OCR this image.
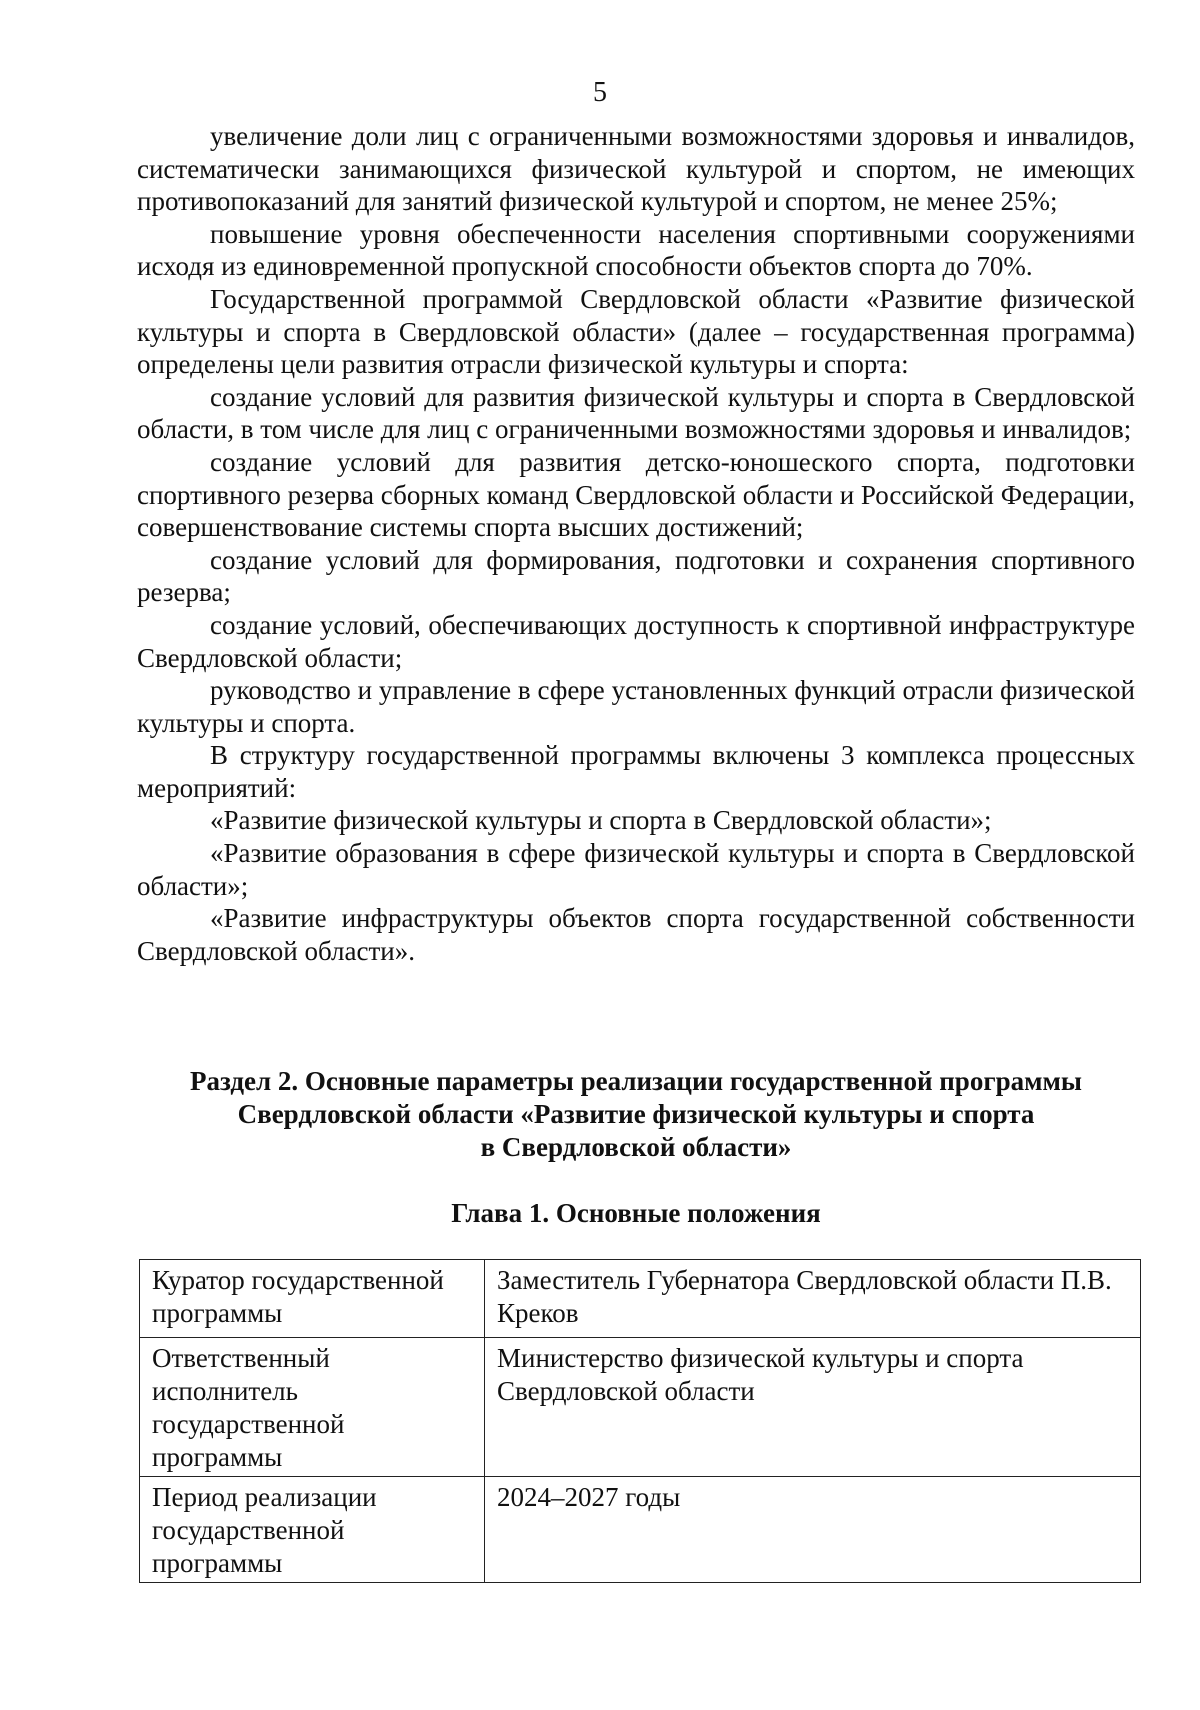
5

увеличение доли лиц с ограниченными возможностями здоровья и инвалидов, систематически занимающихся физической культурой и спортом, не имеющих противопоказаний для занятий физической культурой и спортом, не менее 25%;

повышение уровня обеспеченности населения спортивными сооружениями исходя из единовременной пропускной способности объектов спорта до 70%.

Государственной программой Свердловской области «Развитие физической культуры и спорта в Свердловской области» (далее – государственная программа) определены цели развития отрасли физической культуры и спорта:

создание условий для развития физической культуры и спорта в Свердловской области, в том числе для лиц с ограниченными возможностями здоровья и инвалидов;

создание условий для развития детско-юношеского спорта, подготовки спортивного резерва сборных команд Свердловской области и Российской Федерации, совершенствование системы спорта высших достижений;

создание условий для формирования, подготовки и сохранения спортивного резерва;

создание условий, обеспечивающих доступность к спортивной инфраструктуре Свердловской области;

руководство и управление в сфере установленных функций отрасли физической культуры и спорта.

В структуру государственной программы включены 3 комплекса процессных мероприятий:

«Развитие физической культуры и спорта в Свердловской области»;

«Развитие образования в сфере физической культуры и спорта в Свердловской области»;

«Развитие инфраструктуры объектов спорта государственной собственности Свердловской области».

Раздел 2. Основные параметры реализации государственной программы
Свердловской области «Развитие физической культуры и спорта
в Свердловской области»
Глава 1. Основные положения
Куратор государственной программы	Заместитель Губернатора Свердловской области П.В. Креков
Ответственный исполнитель государственной программы	Министерство физической культуры и спорта Свердловской области
Период реализации государственной программы	2024–2027 годы
